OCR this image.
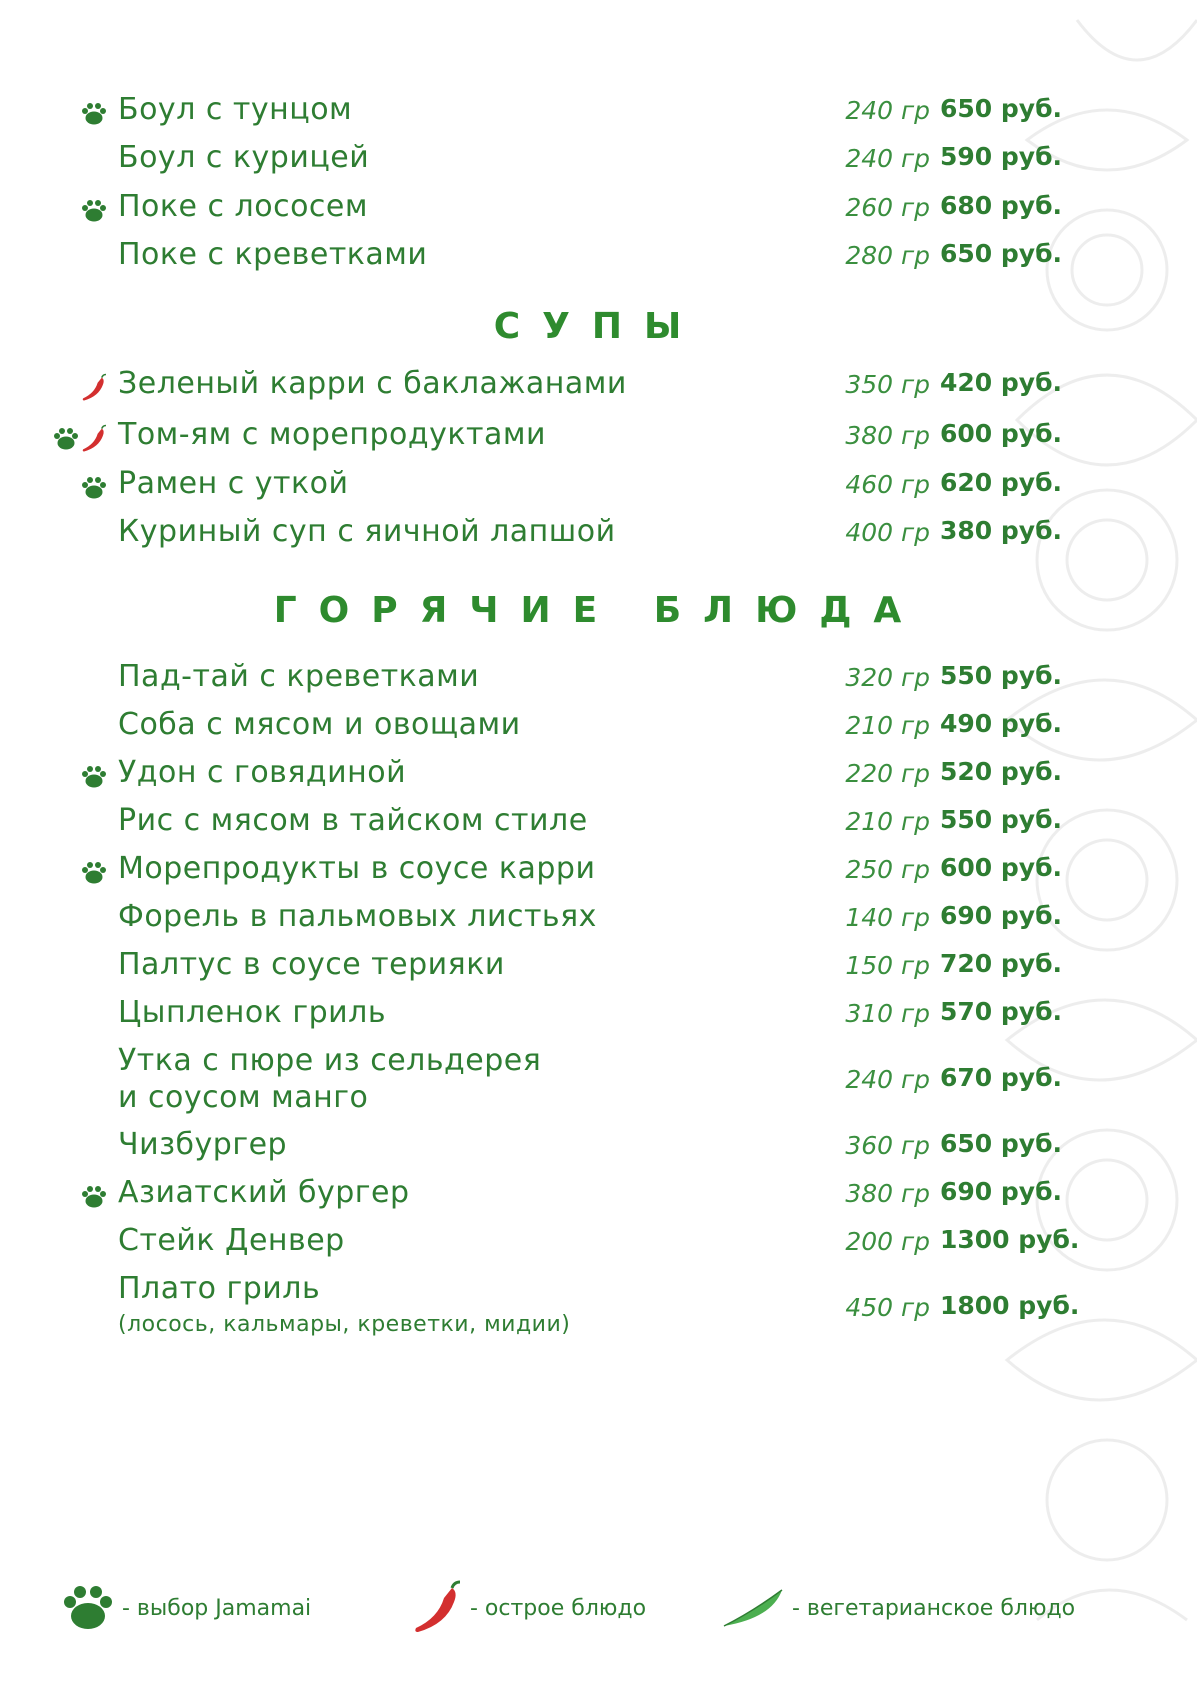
Боул с тунцом	240 гр 650 руб.
Боул с курицей	240 гр 590 руб.
Поке с лососем	260 гр 680 руб.
Поке с креветками	280 гр 650 руб.
СУПЫ
Зеленый карри с баклажанами	350 гр 420 руб.
Том-ям с морепродуктами	380 гр 600 руб.
Рамен с уткой	460 гр 620 руб.
Куриный суп с яичной лапшой	400 гр 380 руб.
ГОРЯЧИЕ БЛЮДА
Пад-тай с креветками	320 гр 550 руб.
Соба с мясом и овощами	210 гр 490 руб.
Удон с говядиной	220 гр 520 руб.
Рис с мясом в тайском стиле	210 гр 550 руб.
Морепродукты в соусе карри	250 гр 600 руб.
Форель в пальмовых листьях	140 гр 690 руб.
Палтус в соусе терияки	150 гр 720 руб.
Цыпленок гриль	310 гр 570 руб.
Утка с пюре из сельдерея
и соусом манго
240 гр 670 руб.
Чизбургер	360 гр 650 руб.
Азиатский бургер	380 гр 690 руб.
Стейк Денвер	200 гр 1300 руб.
Плато гриль
(лосось, кальмары, креветки, мидии)
450 гр 1800 руб.
- выбор Jamamai	- острое блюдо	- вегетарианское блюдо
